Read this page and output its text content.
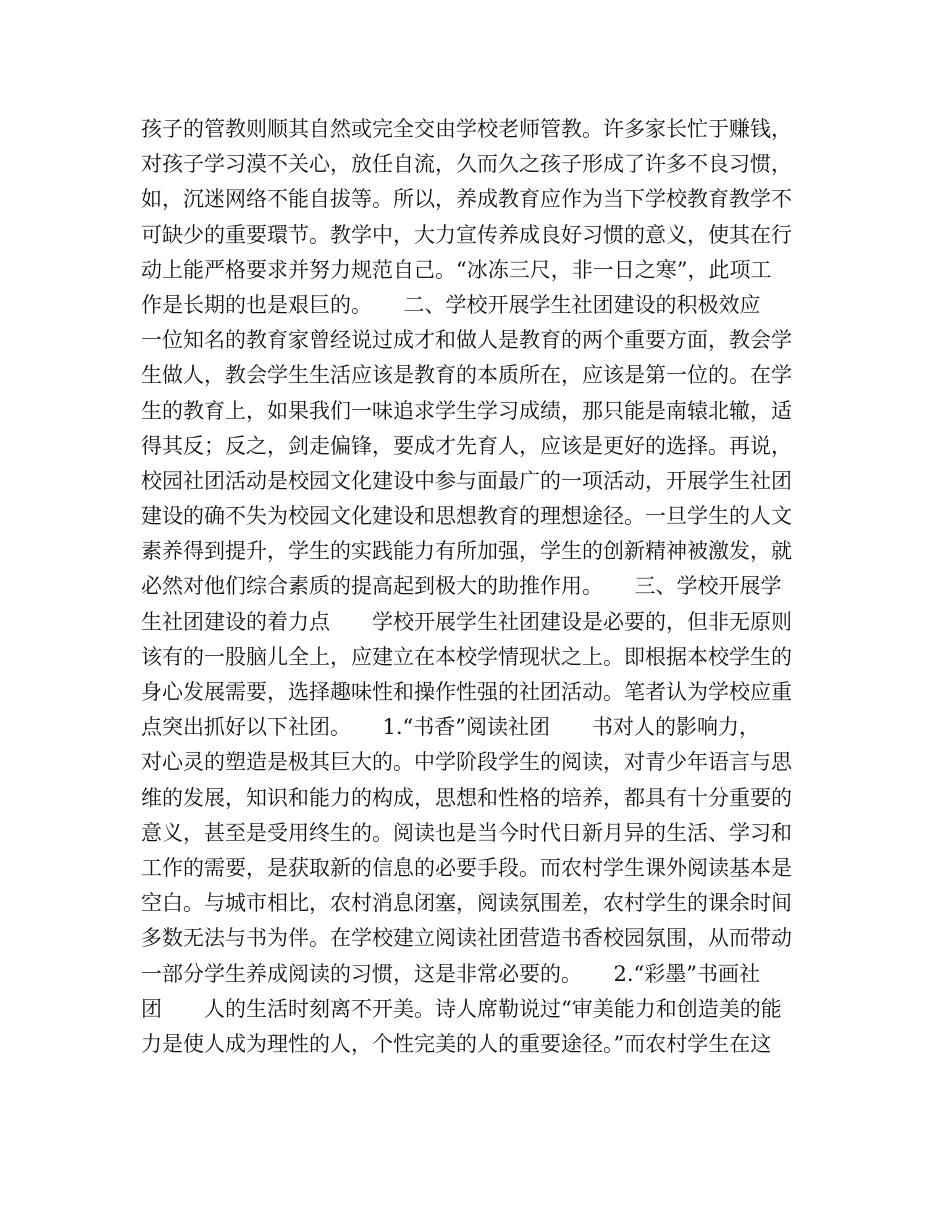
孩子的管教则顺其自然或完全交由学校老师管教。许多家长忙于赚钱，
对孩子学习漠不关心，放任自流，久而久之孩子形成了许多不良习惯，
如，沉迷网络不能自拔等。所以，养成教育应作为当下学校教育教学不
可缺少的重要環节。教学中，大力宣传养成良好习惯的意义，使其在行
动上能严格要求并努力规范自己。“冰冻三尺，非一日之寒”，此项工
作是长期的也是艰巨的。　　二、学校开展学生社团建设的积极效应
一位知名的教育家曾经说过成才和做人是教育的两个重要方面，教会学
生做人，教会学生生活应该是教育的本质所在，应该是第一位的。在学
生的教育上，如果我们一味追求学生学习成绩，那只能是南辕北辙，适
得其反；反之，剑走偏锋，要成才先育人，应该是更好的选择。再说，
校园社团活动是校园文化建设中参与面最广的一项活动，开展学生社团
建设的确不失为校园文化建设和思想教育的理想途径。一旦学生的人文
素养得到提升，学生的实践能力有所加强，学生的创新精神被激发，就
必然对他们综合素质的提高起到极大的助推作用。　　三、学校开展学
生社团建设的着力点　　学校开展学生社团建设是必要的，但非无原则
该有的一股脑儿全上，应建立在本校学情现状之上。即根据本校学生的
身心发展需要，选择趣味性和操作性强的社团活动。笔者认为学校应重
点突出抓好以下社团。　　1.“书香”阅读社团　　书对人的影响力，
对心灵的塑造是极其巨大的。中学阶段学生的阅读，对青少年语言与思
维的发展，知识和能力的构成，思想和性格的培养，都具有十分重要的
意义，甚至是受用终生的。阅读也是当今时代日新月异的生活、学习和
工作的需要，是获取新的信息的必要手段。而农村学生课外阅读基本是
空白。与城市相比，农村消息闭塞，阅读氛围差，农村学生的课余时间
多数无法与书为伴。在学校建立阅读社团营造书香校园氛围，从而带动
一部分学生养成阅读的习惯，这是非常必要的。　　2.“彩墨”书画社
团　　人的生活时刻离不开美。诗人席勒说过“审美能力和创造美的能
力是使人成为理性的人，个性完美的人的重要途径。”而农村学生在这
